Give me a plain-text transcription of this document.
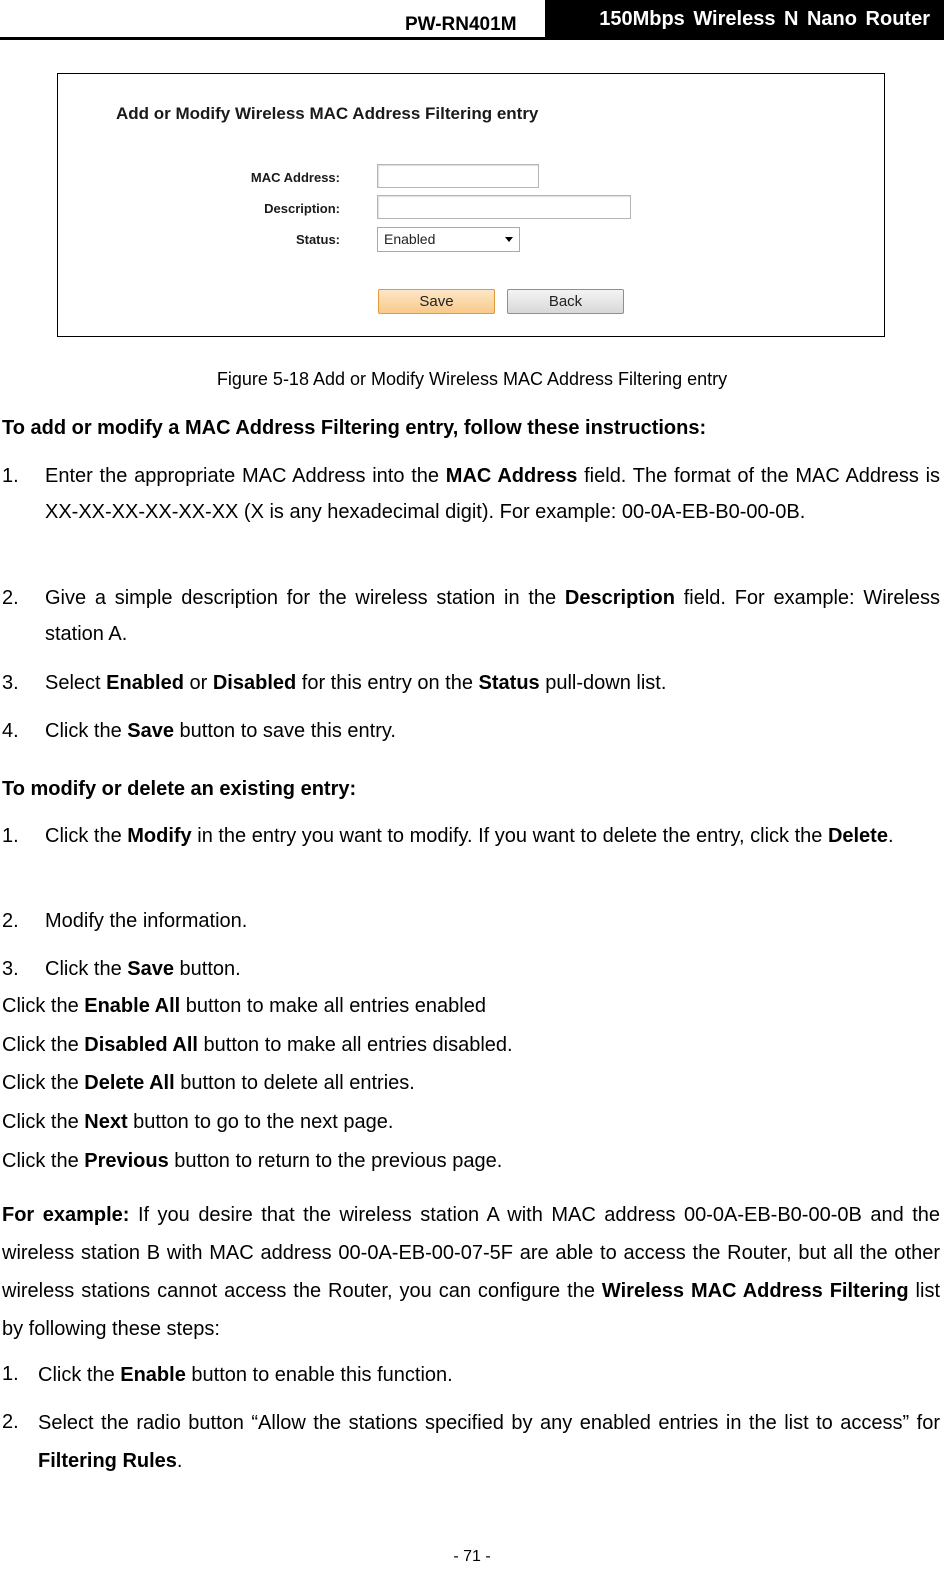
PW-RN401M	150Mbps Wireless N Nano Router
Add or Modify Wireless MAC Address Filtering entry
MAC Address:
Description:
Status:	Enabled
Save	Back
Figure 5-18 Add or Modify Wireless MAC Address Filtering entry
To add or modify a MAC Address Filtering entry, follow these instructions:
1. Enter the appropriate MAC Address into the MAC Address field. The format of the MAC Address is XX-XX-XX-XX-XX-XX (X is any hexadecimal digit). For example: 00-0A-EB-B0-00-0B.
2. Give a simple description for the wireless station in the Description field. For example: Wireless station A.
3. Select Enabled or Disabled for this entry on the Status pull-down list.
4. Click the Save button to save this entry.
To modify or delete an existing entry:
1. Click the Modify in the entry you want to modify. If you want to delete the entry, click the Delete.
2. Modify the information.
3. Click the Save button.
Click the Enable All button to make all entries enabled
Click the Disabled All button to make all entries disabled.
Click the Delete All button to delete all entries.
Click the Next button to go to the next page.
Click the Previous button to return to the previous page.
For example: If you desire that the wireless station A with MAC address 00-0A-EB-B0-00-0B and the wireless station B with MAC address 00-0A-EB-00-07-5F are able to access the Router, but all the other wireless stations cannot access the Router, you can configure the Wireless MAC Address Filtering list by following these steps:
1. Click the Enable button to enable this function.
2. Select the radio button “Allow the stations specified by any enabled entries in the list to access” for Filtering Rules.
- 71 -
